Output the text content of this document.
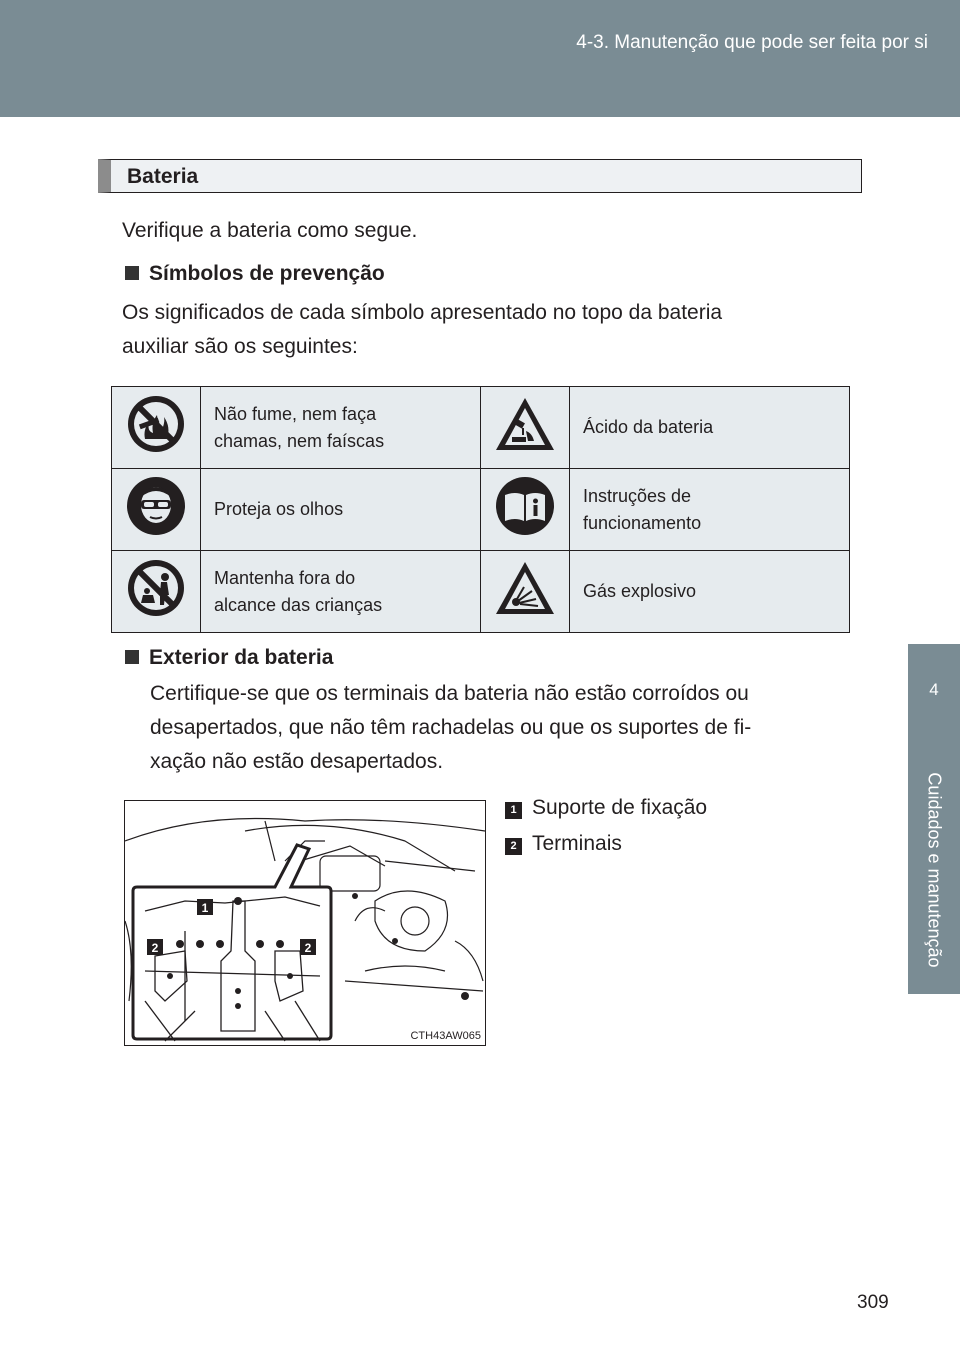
4-3. Manutenção que pode ser feita por si
4
Cuidados e manutenção
Bateria
Verifique a bateria como segue.
Símbolos de prevenção
Os significados de cada símbolo apresentado no topo da bateria
auxiliar são os seguintes:

Não fume, nem faça
chamas, nem faíscas		Ácido da bateria

Proteja os olhos		Instruções de
funcionamento

Mantenha fora do
alcance das crianças		Gás explosivo
Exterior da bateria
Certifique-se que os terminais da bateria não estão corroídos ou
desapertados, que não têm rachadelas ou que os suportes de fi-
xação não estão desapertados.
1
2	2
CTH43AW065
1 Suporte de fixação
2 Terminais
309
